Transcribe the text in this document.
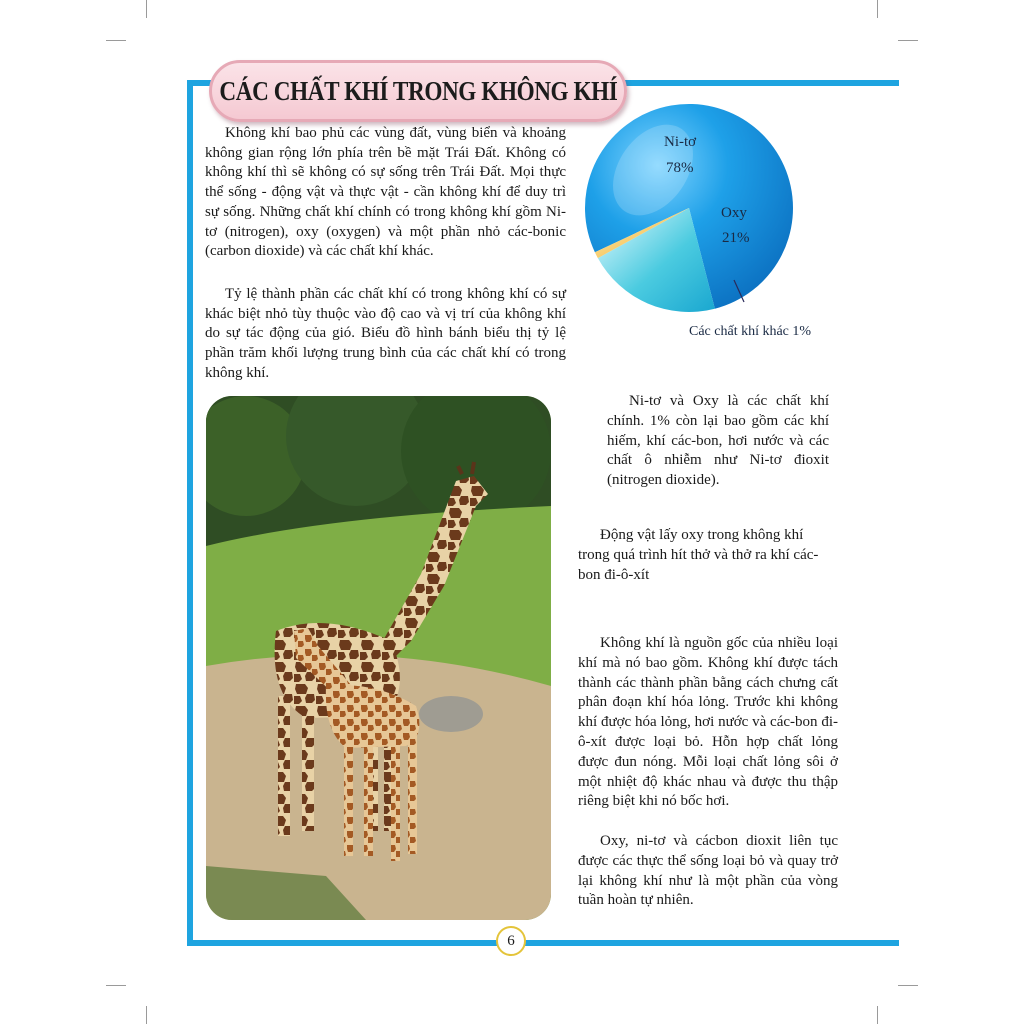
CÁC CHẤT KHÍ TRONG KHÔNG KHÍ

Không khí bao phủ các vùng đất, vùng biển và khoảng không gian rộng lớn phía trên bề mặt Trái Đất. Không có không khí thì sẽ không có sự sống trên Trái Đất. Mọi thực thể sống - động vật và thực vật - cần không khí để duy trì sự sống. Những chất khí chính có trong không khí gồm Ni-tơ (nitrogen), oxy (oxygen) và một phần nhỏ các-bonic (carbon dioxide) và các chất khí khác.

Tỷ lệ thành phần các chất khí có trong không khí có sự khác biệt nhỏ tùy thuộc vào độ cao và vị trí của không khí do sự tác động của gió. Biểu đồ hình bánh biểu thị tỷ lệ phần trăm khối lượng trung bình của các chất khí có trong không khí.

Ni-tơ
78%
Oxy
21%
Các chất khí khác 1%

Ni-tơ và Oxy là các chất khí chính. 1% còn lại bao gồm các khí hiếm, khí các-bon, hơi nước và các chất ô nhiễm như Ni-tơ đioxit (nitrogen dioxide).

Động vật lấy oxy trong không khí trong quá trình hít thở và thở ra khí các-bon đi-ô-xít

Không khí là nguồn gốc của nhiều loại khí mà nó bao gồm. Không khí được tách thành các thành phần bằng cách chưng cất phân đoạn khí hóa lỏng. Trước khi không khí được hóa lỏng, hơi nước và các-bon đi-ô-xít được loại bỏ. Hỗn hợp chất lỏng được đun nóng. Mỗi loại chất lỏng sôi ở một nhiệt độ khác nhau và được thu thập riêng biệt khi nó bốc hơi.

Oxy, ni-tơ và cácbon dioxit liên tục được các thực thể sống loại bỏ và quay trở lại không khí như là một phần của vòng tuần hoàn tự nhiên.

6
